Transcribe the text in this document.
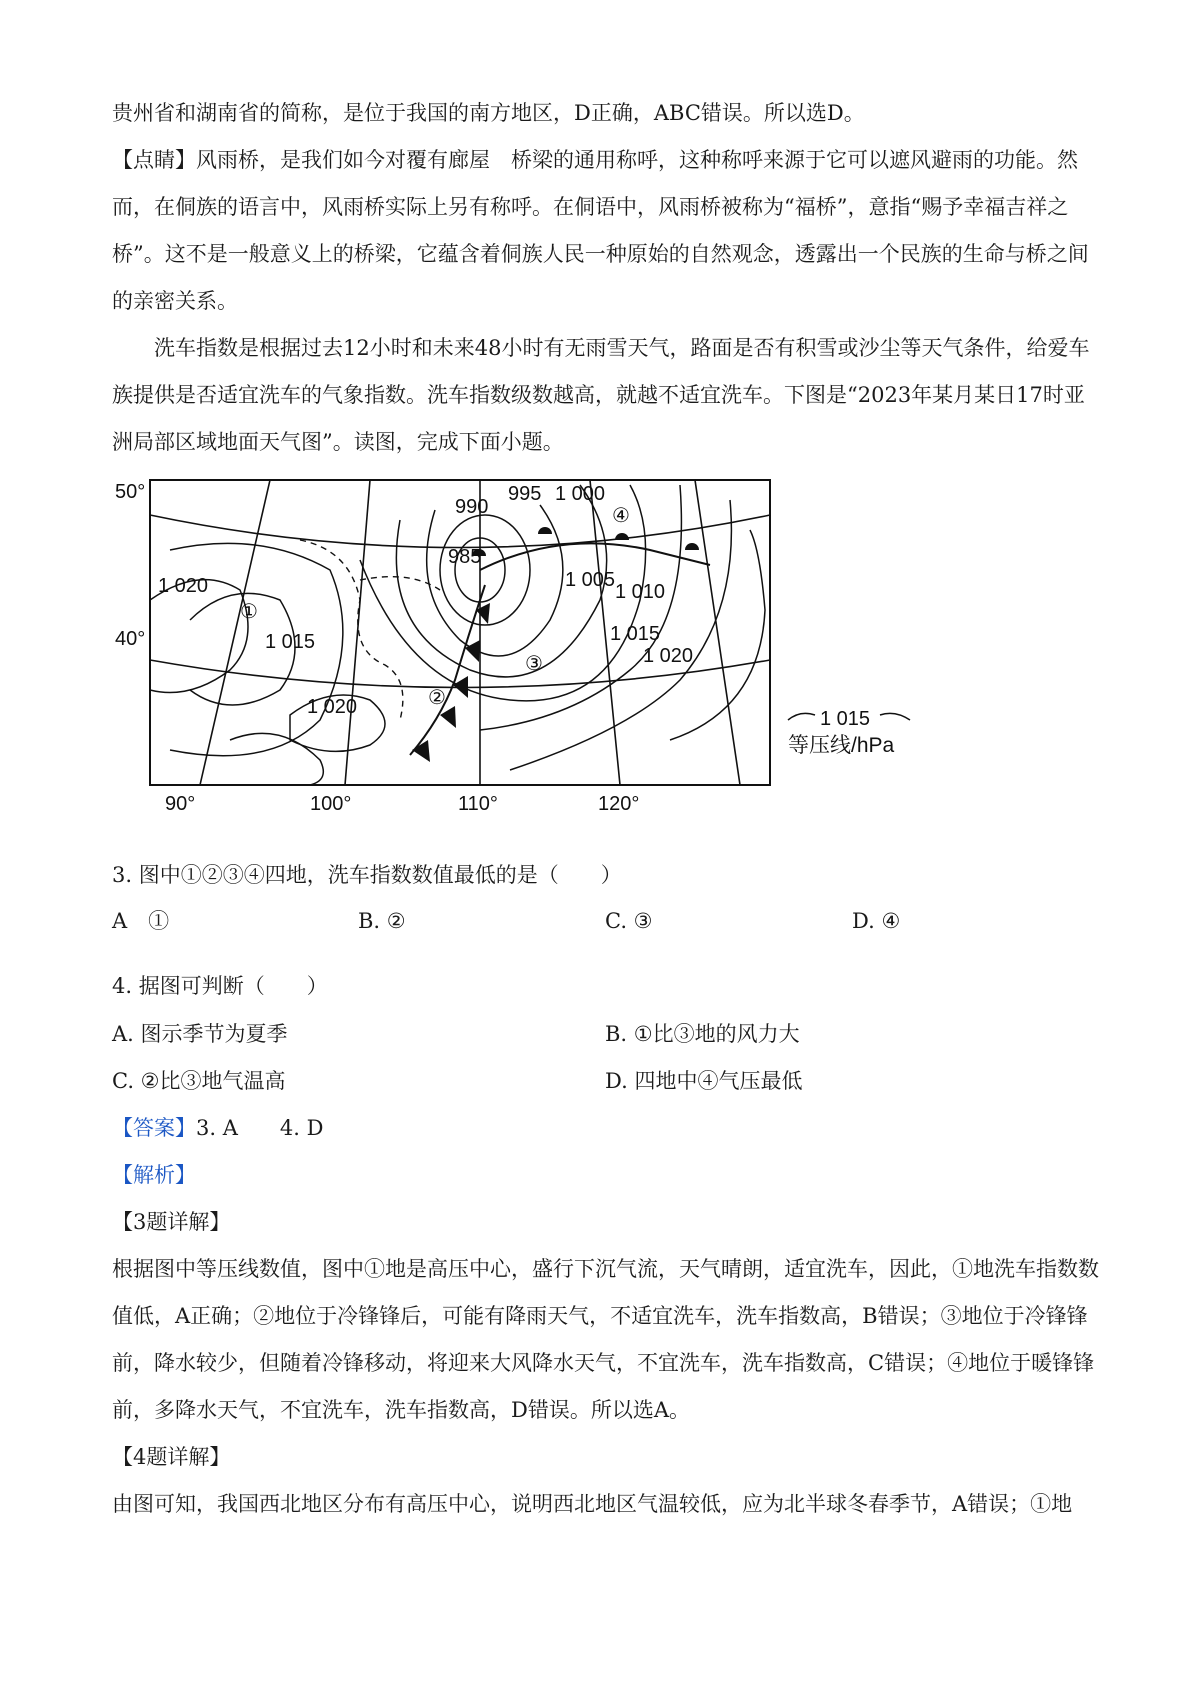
贵州省和湖南省的简称，是位于我国的南方地区，D正确，ABC错误。所以选D。

【点睛】风雨桥，是我们如今对覆有廊屋　桥梁的通用称呼，这种称呼来源于它可以遮风避雨的功能。然而，在侗族的语言中，风雨桥实际上另有称呼。在侗语中，风雨桥被称为“福桥”，意指“赐予幸福吉祥之桥”。这不是一般意义上的桥梁，它蕴含着侗族人民一种原始的自然观念，透露出一个民族的生命与桥之间的亲密关系。

洗车指数是根据过去12小时和未来48小时有无雨雪天气，路面是否有积雪或沙尘等天气条件，给爱车族提供是否适宜洗车的气象指数。洗车指数级数越高，就越不适宜洗车。下图是“2023年某月某日17时亚洲局部区域地面天气图”。读图，完成下面小题。

50°
40°
90°	100°	110°	120°
990
995 1 000
985
1 020
1 015
1 005
1 010
1 015
1 020
1 020
①
②
③
④
1 015
等压线/hPa

3. 图中①②③④四地，洗车指数数值最低的是（　　）

A　①	B. ②	C. ③	D. ④

4. 据图可判断（　　）

A. 图示季节为夏季	B. ①比③地的风力大
C. ②比③地气温高	D. 四地中④气压最低

【答案】3. A　　4. D

【解析】

【3题详解】

根据图中等压线数值，图中①地是高压中心，盛行下沉气流，天气晴朗，适宜洗车，因此，①地洗车指数数值低，A正确；②地位于冷锋锋后，可能有降雨天气，不适宜洗车，洗车指数高，B错误；③地位于冷锋锋前，降水较少，但随着冷锋移动，将迎来大风降水天气，不宜洗车，洗车指数高，C错误；④地位于暖锋锋前，多降水天气，不宜洗车，洗车指数高，D错误。所以选A。

【4题详解】

由图可知，我国西北地区分布有高压中心，说明西北地区气温较低，应为北半球冬春季节，A错误；①地
